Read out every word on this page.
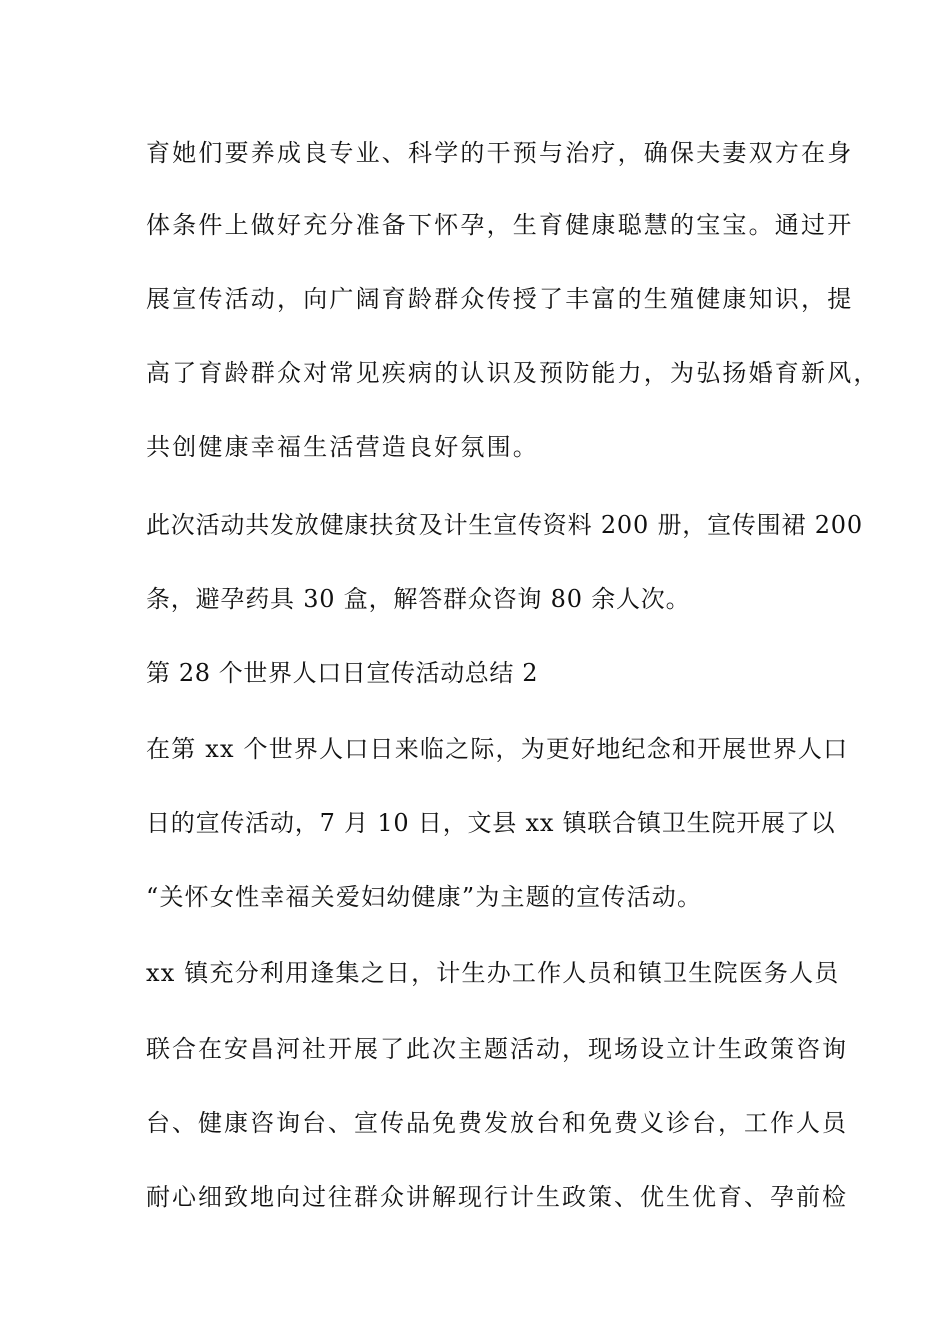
育她们要养成良专业、科学的干预与治疗，确保夫妻双方在身
体条件上做好充分准备下怀孕，生育健康聪慧的宝宝。通过开
展宣传活动，向广阔育龄群众传授了丰富的生殖健康知识，提
高了育龄群众对常见疾病的认识及预防能力，为弘扬婚育新风，
共创健康幸福生活营造良好氛围。
此次活动共发放健康扶贫及计生宣传资料 200 册，宣传围裙 200
条，避孕药具 30 盒，解答群众咨询 80 余人次。
第 28 个世界人口日宣传活动总结 2
在第 xx 个世界人口日来临之际，为更好地纪念和开展世界人口
日的宣传活动，7 月 10 日，文县 xx 镇联合镇卫生院开展了以
“关怀女性幸福关爱妇幼健康”为主题的宣传活动。
xx 镇充分利用逢集之日，计生办工作人员和镇卫生院医务人员
联合在安昌河社开展了此次主题活动，现场设立计生政策咨询
台、健康咨询台、宣传品免费发放台和免费义诊台，工作人员
耐心细致地向过往群众讲解现行计生政策、优生优育、孕前检
